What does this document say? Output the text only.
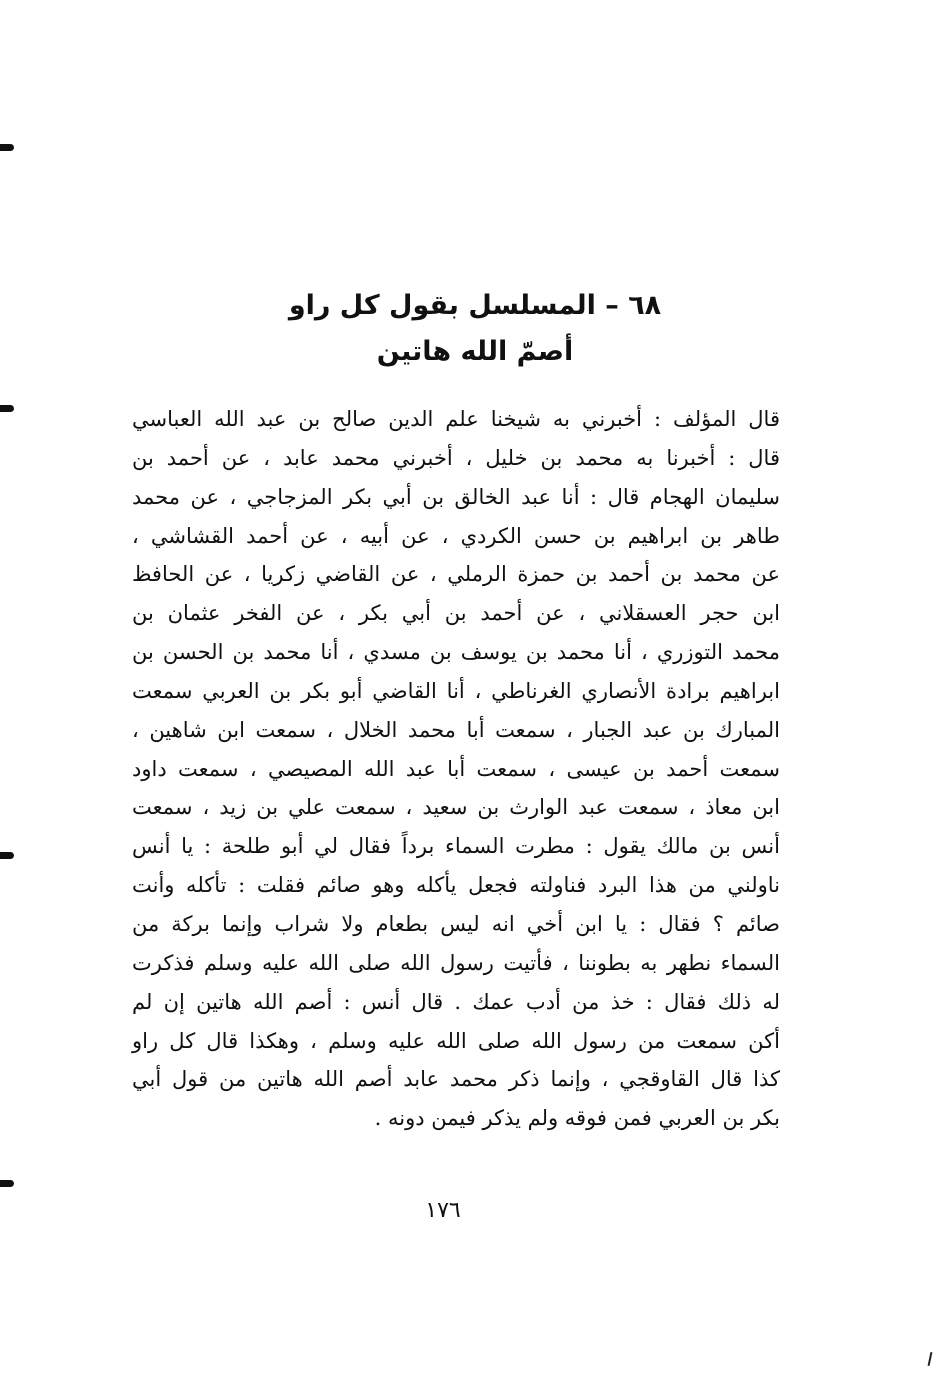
٦٨ – المسلسل بقول كل راو
أصمّ الله هاتين
قال المؤلف : أخبرني به شيخنا علم الدين صالح بن عبد الله العباسي
قال : أخبرنا به محمد بن خليل ، أخبرني محمد عابد ، عن أحمد بن
سليمان الهجام قال : أنا عبد الخالق بن أبي بكر المزجاجي ، عن محمد
طاهر بن ابراهيم بن حسن الكردي ، عن أبيه ، عن أحمد القشاشي ،
عن محمد بن أحمد بن حمزة الرملي ، عن القاضي زكريا ، عن الحافظ
ابن حجر العسقلاني ، عن أحمد بن أبي بكر ، عن الفخر عثمان بن
محمد التوزري ، أنا محمد بن يوسف بن مسدي ، أنا محمد بن الحسن بن
ابراهيم برادة الأنصاري الغرناطي ، أنا القاضي أبو بكر بن العربي سمعت
المبارك بن عبد الجبار ، سمعت أبا محمد الخلال ، سمعت ابن شاهين ،
سمعت أحمد بن عيسى ، سمعت أبا عبد الله المصيصي ، سمعت داود
ابن معاذ ، سمعت عبد الوارث بن سعيد ، سمعت علي بن زيد ، سمعت
أنس بن مالك يقول : مطرت السماء برداً فقال لي أبو طلحة : يا أنس
ناولني من هذا البرد فناولته فجعل يأكله وهو صائم فقلت : تأكله وأنت
صائم ؟ فقال : يا ابن أخي انه ليس بطعام ولا شراب وإنما بركة من
السماء نطهر به بطوننا ، فأتيت رسول الله صلى الله عليه وسلم فذكرت
له ذلك فقال : خذ من أدب عمك . قال أنس : أصم الله هاتين إن لم
أكن سمعت من رسول الله صلى الله عليه وسلم ، وهكذا قال كل راو
كذا قال القاوقجي ، وإنما ذكر محمد عابد أصم الله هاتين من قول أبي
بكر بن العربي فمن فوقه ولم يذكر فيمن دونه .
١٧٦
